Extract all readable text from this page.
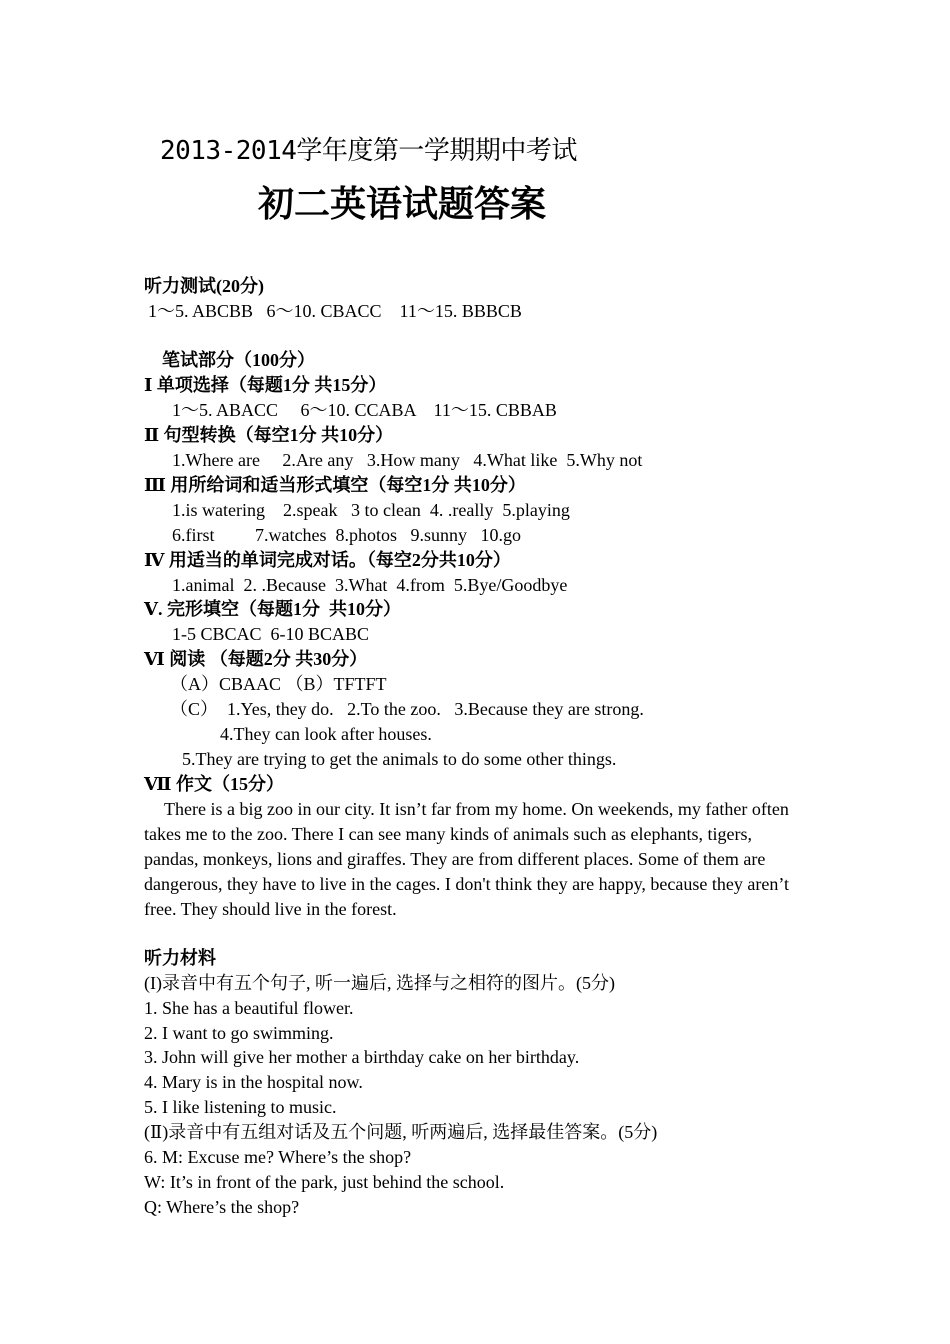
2013-2014学年度第一学期期中考试
初二英语试题答案
听力测试(20分)
1～5. ABCBB   6～10. CBACC    11～15. BBBCB
笔试部分（100分）
Ⅰ 单项选择（每题1分 共15分）
1～5. ABACC     6～10. CCABA    11～15. CBBAB
Ⅱ 句型转换（每空1分 共10分）
1.Where are     2.Are any   3.How many   4.What like  5.Why not
Ⅲ 用所给词和适当形式填空（每空1分 共10分）
1.is watering    2.speak   3 to clean  4. .really  5.playing
6.first         7.watches  8.photos   9.sunny   10.go
Ⅳ 用适当的单词完成对话。（每空2分共10分）
1.animal  2. .Because  3.What  4.from  5.Bye/Goodbye
Ⅴ. 完形填空（每题1分  共10分）
1-5 CBCAC  6-10 BCABC
Ⅵ 阅读 （每题2分 共30分）
（A）CBAAC （B）TFTFT
（C）  1.Yes, they do.   2.To the zoo.   3.Because they are strong.
4.They can look after houses.
5.They are trying to get the animals to do some other things.
Ⅶ 作文（15分）
There is a big zoo in our city. It isn’t far from my home. On weekends, my father often takes me to the zoo. There I can see many kinds of animals such as elephants, tigers, pandas, monkeys, lions and giraffes. They are from different places. Some of them are dangerous, they have to live in the cages. I don't think they are happy, because they aren’t free. They should live in the forest.
听力材料
(I)录音中有五个句子, 听一遍后, 选择与之相符的图片。(5分)
1. She has a beautiful flower.
2. I want to go swimming.
3. John will give her mother a birthday cake on her birthday.
4. Mary is in the hospital now.
5. I like listening to music.
(Ⅱ)录音中有五组对话及五个问题, 听两遍后, 选择最佳答案。(5分)
6. M: Excuse me? Where’s the shop?
W: It’s in front of the park, just behind the school.
Q: Where’s the shop?
